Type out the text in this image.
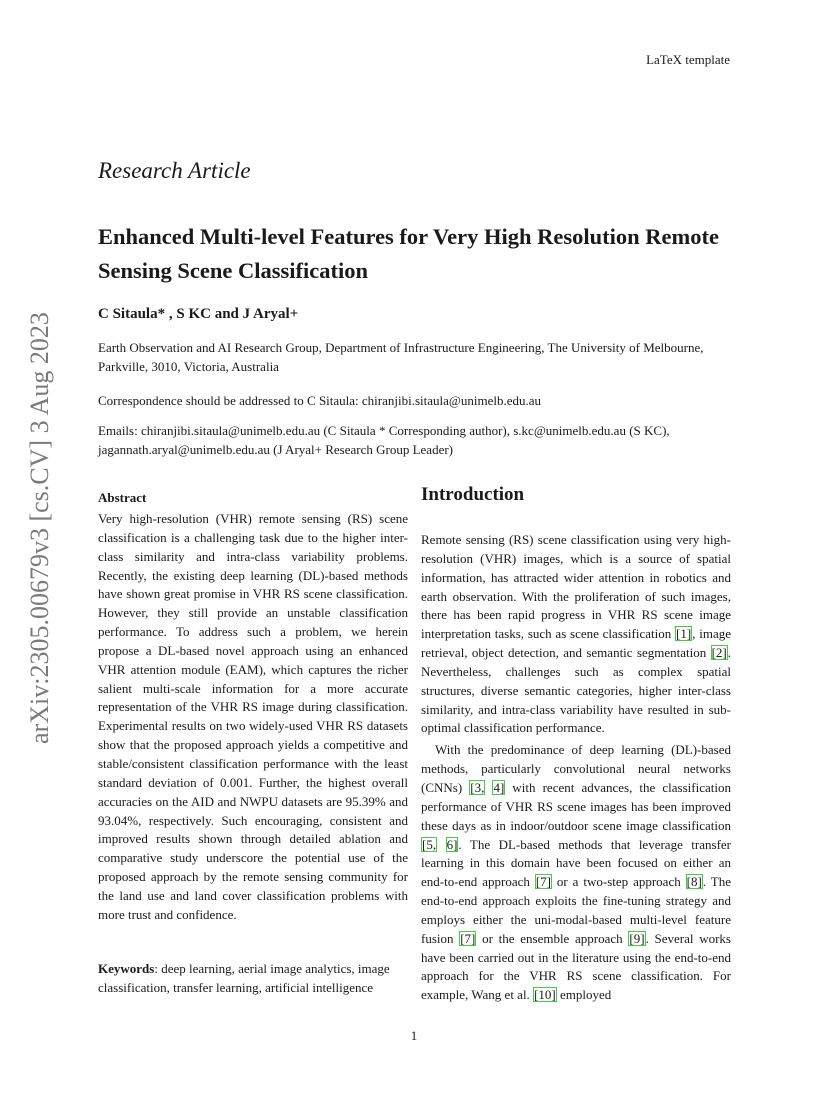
LaTeX template
arXiv:2305.00679v3 [cs.CV] 3 Aug 2023
Research Article
Enhanced Multi-level Features for Very High Resolution Remote Sensing Scene Classification
C Sitaula* , S KC and J Aryal+
Earth Observation and AI Research Group, Department of Infrastructure Engineering, The University of Melbourne, Parkville, 3010, Victoria, Australia
Correspondence should be addressed to C Sitaula: chiranjibi.sitaula@unimelb.edu.au
Emails: chiranjibi.sitaula@unimelb.edu.au (C Sitaula * Corresponding author), s.kc@unimelb.edu.au (S KC), jagannath.aryal@unimelb.edu.au (J Aryal+ Research Group Leader)
Abstract
Very high-resolution (VHR) remote sensing (RS) scene classification is a challenging task due to the higher inter-class similarity and intra-class variability problems. Recently, the existing deep learning (DL)-based methods have shown great promise in VHR RS scene classification. However, they still provide an unstable classification performance. To address such a problem, we herein propose a DL-based novel approach using an enhanced VHR attention module (EAM), which captures the richer salient multi-scale information for a more accurate representation of the VHR RS image during classification. Experimental results on two widely-used VHR RS datasets show that the proposed approach yields a competitive and stable/consistent classification performance with the least standard deviation of 0.001. Further, the highest overall accuracies on the AID and NWPU datasets are 95.39% and 93.04%, respectively. Such encouraging, consistent and improved results shown through detailed ablation and comparative study underscore the potential use of the proposed approach by the remote sensing community for the land use and land cover classification problems with more trust and confidence.
Keywords: deep learning, aerial image analytics, image classification, transfer learning, artificial intelligence
Introduction

Remote sensing (RS) scene classification using very high-resolution (VHR) images, which is a source of spatial information, has attracted wider attention in robotics and earth observation. With the proliferation of such images, there has been rapid progress in VHR RS scene image interpretation tasks, such as scene classification [1], image retrieval, object detection, and semantic segmentation [2]. Nevertheless, challenges such as complex spatial structures, diverse semantic categories, higher inter-class similarity, and intra-class variability have resulted in sub-optimal classification performance.

With the predominance of deep learning (DL)-based methods, particularly convolutional neural networks (CNNs) [3, 4] with recent advances, the classification performance of VHR RS scene images has been improved these days as in indoor/outdoor scene image classification [5, 6]. The DL-based methods that leverage transfer learning in this domain have been focused on either an end-to-end approach [7] or a two-step approach [8]. The end-to-end approach exploits the fine-tuning strategy and employs either the uni-modal-based multi-level feature fusion [7] or the ensemble approach [9]. Several works have been carried out in the literature using the end-to-end approach for the VHR RS scene classification. For example, Wang et al. [10] employed

1
